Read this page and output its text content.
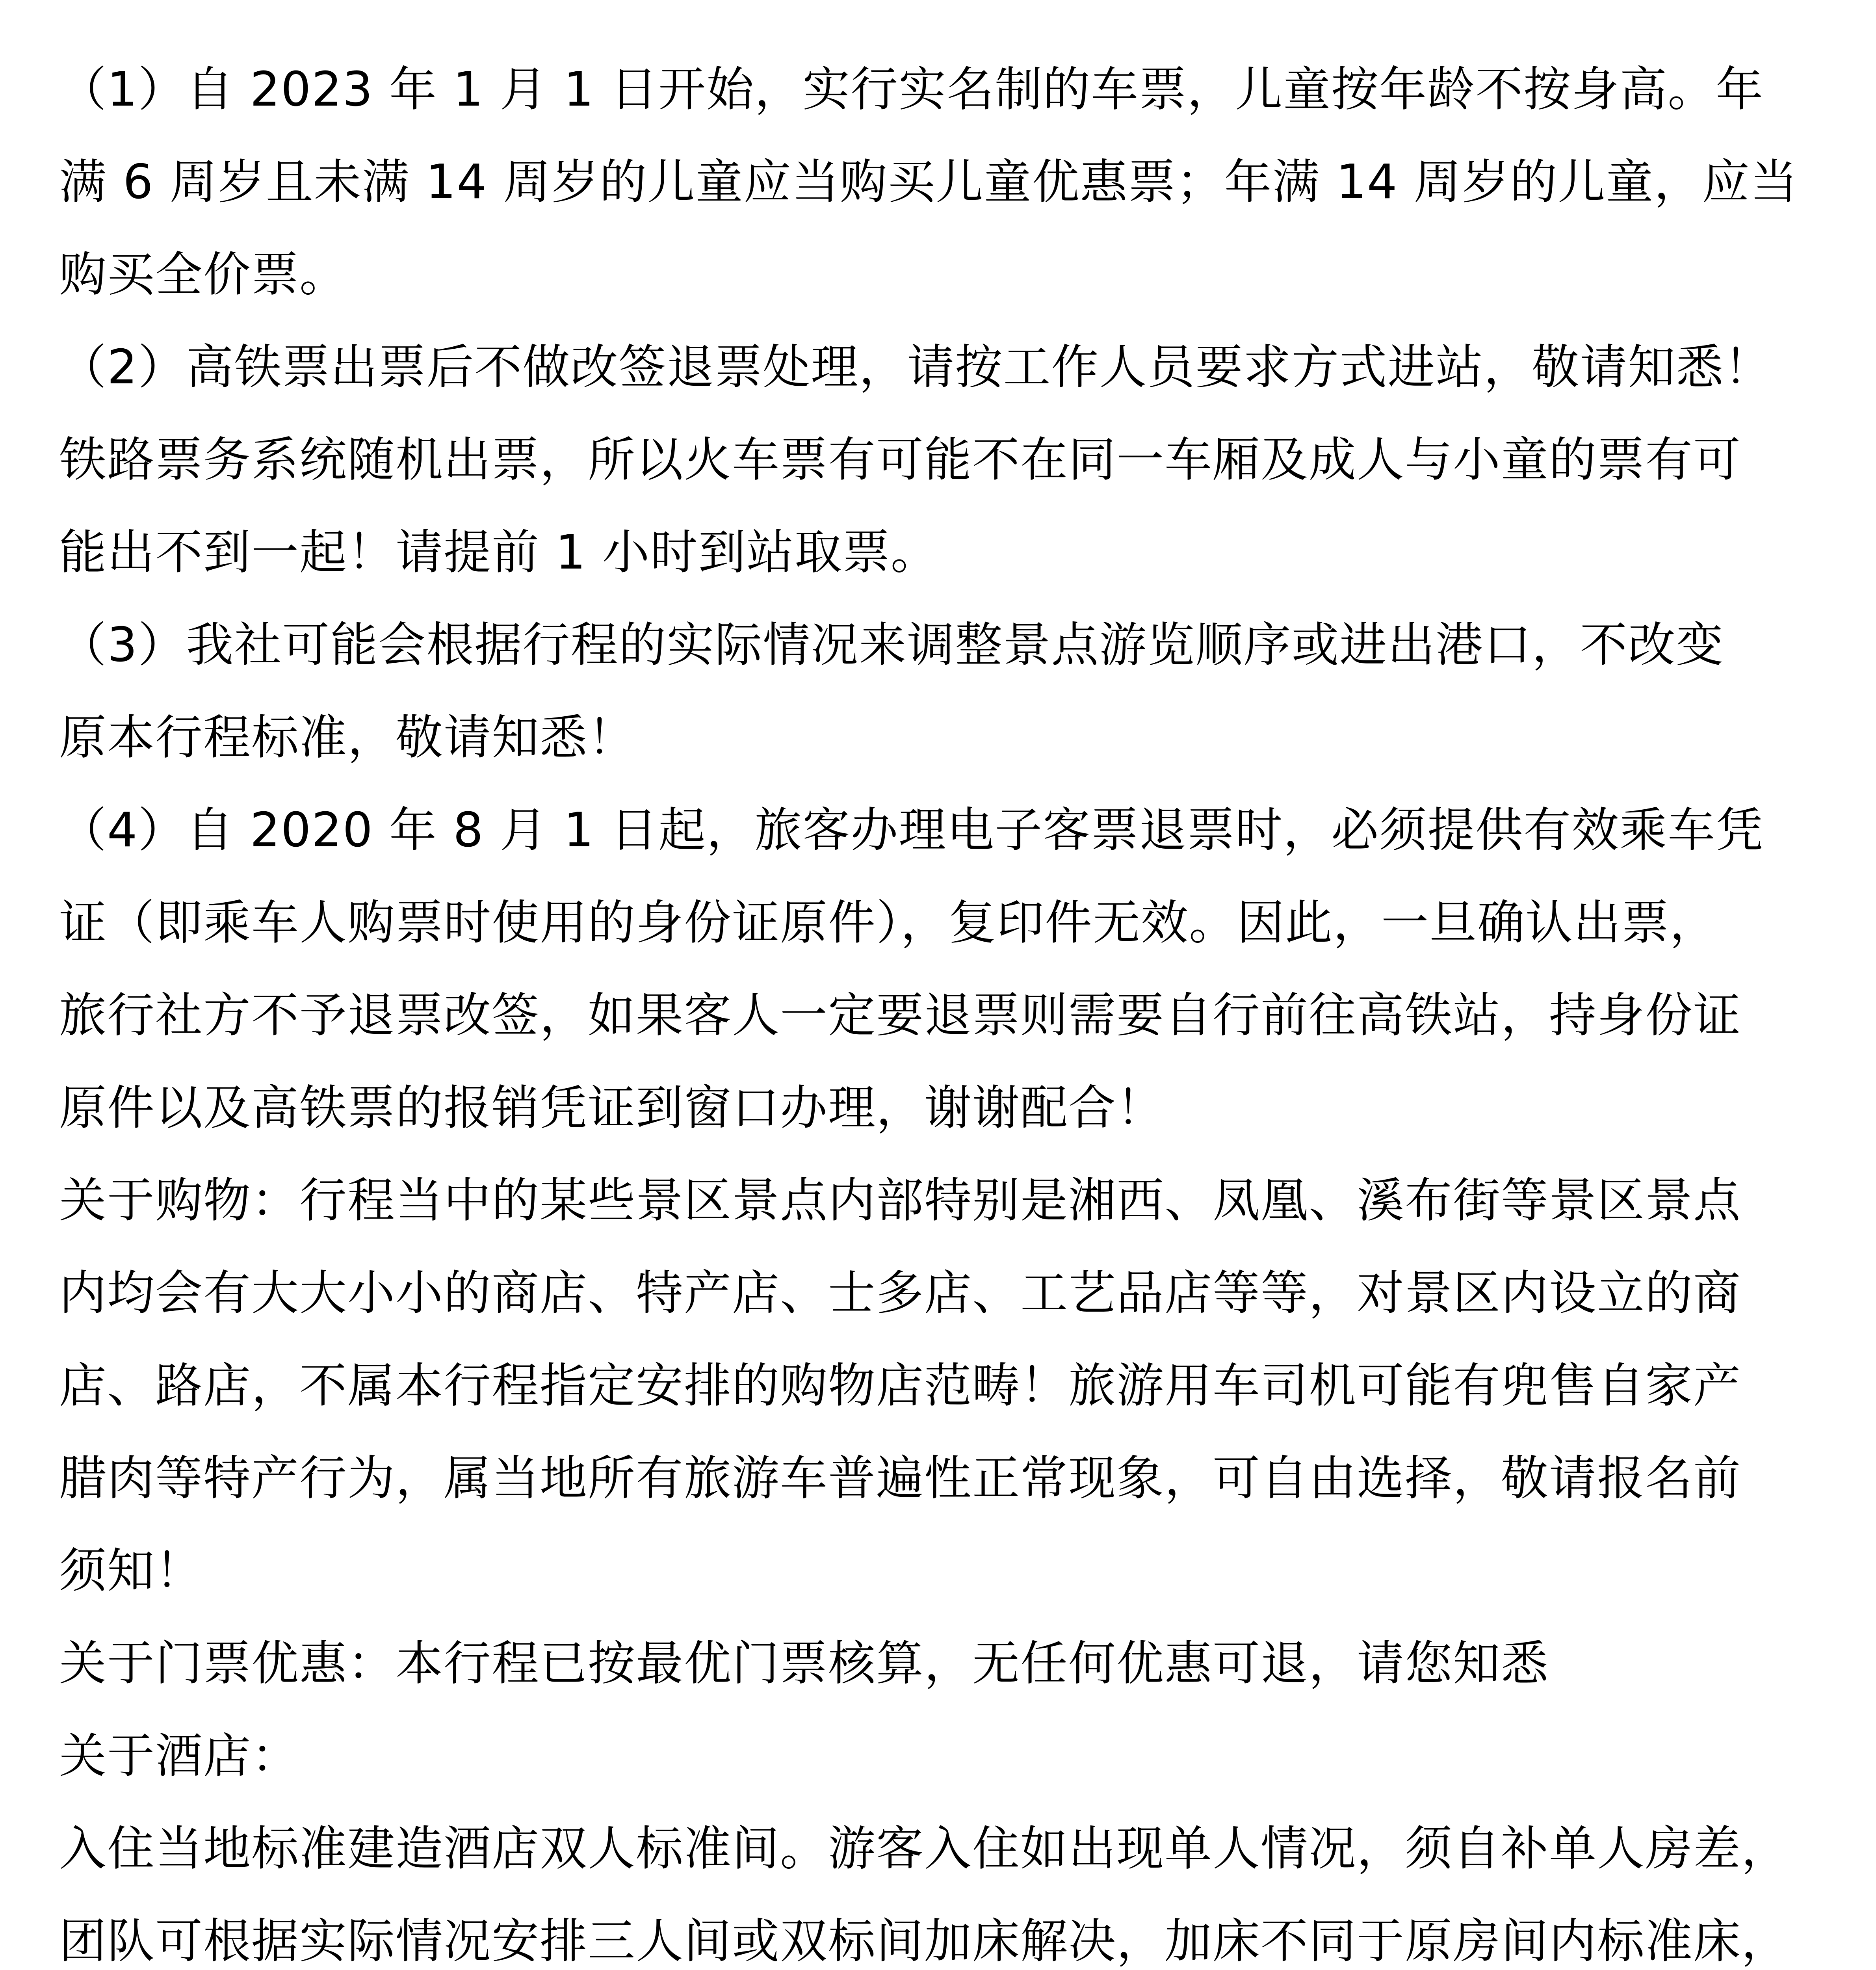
（1）自 2023 年 1 月 1 日开始，实行实名制的车票，儿童按年龄不按身高。年
满 6 周岁且未满 14 周岁的儿童应当购买儿童优惠票；年满 14 周岁的儿童，应当
购买全价票。
（2）高铁票出票后不做改签退票处理，请按工作人员要求方式进站，敬请知悉！
铁路票务系统随机出票，所以火车票有可能不在同一车厢及成人与小童的票有可
能出不到一起！请提前 1 小时到站取票。
（3）我社可能会根据行程的实际情况来调整景点游览顺序或进出港口，不改变
原本行程标准，敬请知悉！
（4）自 2020 年 8 月 1 日起，旅客办理电子客票退票时，必须提供有效乘车凭
证（即乘车人购票时使用的身份证原件），复印件无效。因此，一旦确认出票，
旅行社方不予退票改签，如果客人一定要退票则需要自行前往高铁站，持身份证
原件以及高铁票的报销凭证到窗口办理，谢谢配合！
关于购物：行程当中的某些景区景点内部特别是湘西、凤凰、溪布街等景区景点
内均会有大大小小的商店、特产店、士多店、工艺品店等等，对景区内设立的商
店、路店，不属本行程指定安排的购物店范畴！旅游用车司机可能有兜售自家产
腊肉等特产行为，属当地所有旅游车普遍性正常现象，可自由选择，敬请报名前
须知！
关于门票优惠：本行程已按最优门票核算，无任何优惠可退，请您知悉
关于酒店：
入住当地标准建造酒店双人标准间。游客入住如出现单人情况，须自补单人房差，
团队可根据实际情况安排三人间或双标间加床解决，加床不同于原房间内标准床，
